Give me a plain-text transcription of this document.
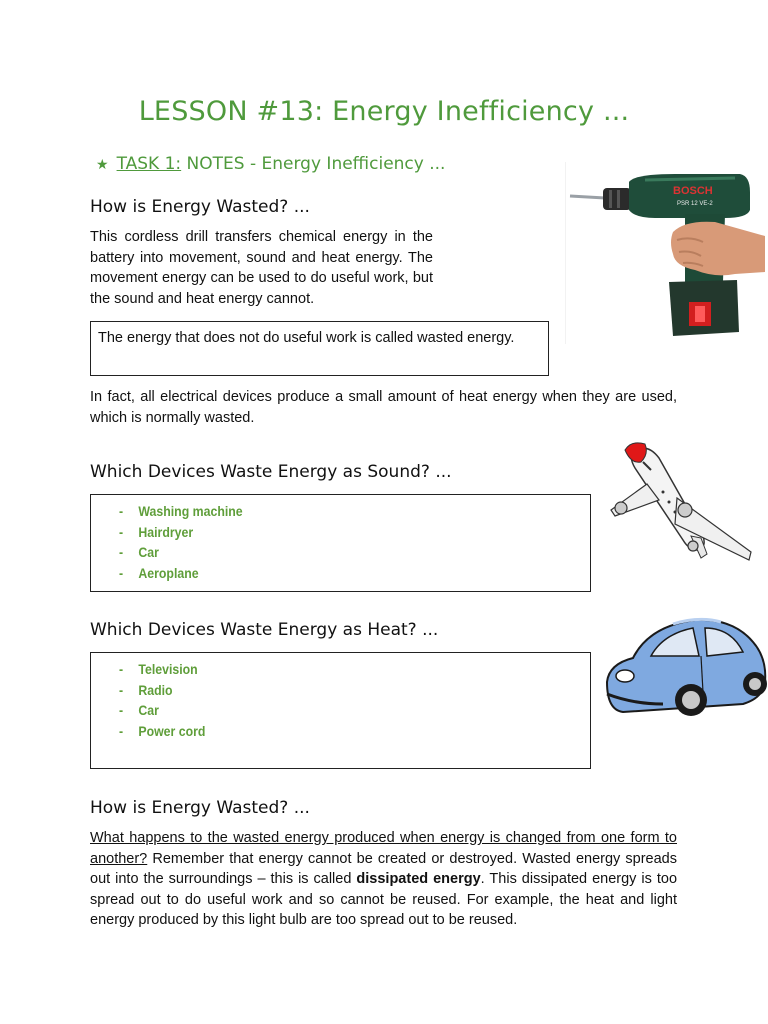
LESSON #13: Energy Inefficiency ...
★ TASK 1: NOTES - Energy Inefficiency ...
How is Energy Wasted? ...
This cordless drill transfers chemical energy in the battery into movement, sound and heat energy. The movement energy can be used to do useful work, but the sound and heat energy cannot.
The energy that does not do useful work is called wasted energy.
In fact, all electrical devices produce a small amount of heat energy when they are used, which is normally wasted.
BOSCH
PSR 12 VE-2
Which Devices Waste Energy as Sound? ...
- Washing machine
- Hairdryer
- Car
- Aeroplane
Which Devices Waste Energy as Heat? ...
- Television
- Radio
- Car
- Power cord
How is Energy Wasted? ...
What happens to the wasted energy produced when energy is changed from one form to another? Remember that energy cannot be created or destroyed. Wasted energy spreads out into the surroundings – this is called dissipated energy. This dissipated energy is too spread out to do useful work and so cannot be reused. For example, the heat and light energy produced by this light bulb are too spread out to be reused.
